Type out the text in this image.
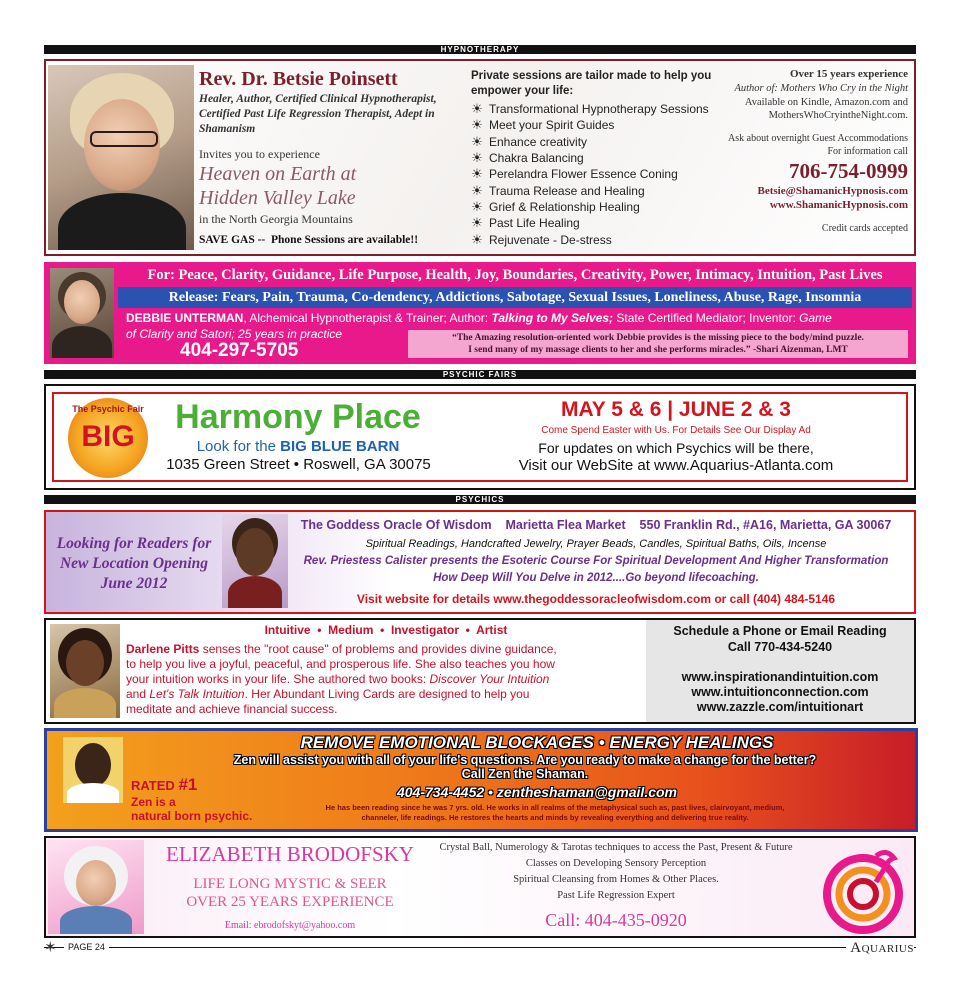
HYPNOTHERAPY
Rev. Dr. Betsie Poinsett
Healer, Author, Certified Clinical Hypnotherapist, Certified Past Life Regression Therapist, Adept in Shamanism
Invites you to experience
Heaven on Earth at
Hidden Valley Lake
in the North Georgia Mountains
SAVE GAS --  Phone Sessions are available!!
Private sessions are tailor made to help you
empower your life:
☀ Transformational Hypnotherapy Sessions
☀ Meet your Spirit Guides
☀ Enhance creativity
☀ Chakra Balancing
☀ Perelandra Flower Essence Coning
☀ Trauma Release and Healing
☀ Grief & Relationship Healing
☀ Past Life Healing
☀ Rejuvenate - De-stress
Over 15 years experience
Author of: Mothers Who Cry in the Night
Available on Kindle, Amazon.com and
MothersWhoCryintheNight.com.
Ask about overnight Guest Accommodations
For information call
706-754-0999
Betsie@ShamanicHypnosis.com
www.ShamanicHypnosis.com
Credit cards accepted
For: Peace, Clarity, Guidance, Life Purpose, Health, Joy, Boundaries, Creativity, Power, Intimacy, Intuition, Past Lives
Release: Fears, Pain, Trauma, Co-dendency, Addictions, Sabotage, Sexual Issues, Loneliness, Abuse, Rage, Insomnia
DEBBIE UNTERMAN, Alchemical Hypnotherapist & Trainer; Author: Talking to My Selves; State Certified Mediator; Inventor: Game
of Clarity and Satori; 25 years in practice
404-297-5705
“The Amazing resolution-oriented work Debbie provides is the missing piece to the body/mind puzzle.
I send many of my massage clients to her and she performs miracles.” -Shari Aizenman, LMT
PSYCHIC FAIRS
The Psychic Fair
BIG
Harmony Place
Look for the BIG BLUE BARN
1035 Green Street • Roswell, GA 30075
MAY 5 & 6 | JUNE 2 & 3
Come Spend Easter with Us. For Details See Our Display Ad
For updates on which Psychics will be there,
Visit our WebSite at www.Aquarius-Atlanta.com
PSYCHICS
Looking for Readers for
New Location Opening
June 2012
The Goddess Oracle Of Wisdom    Marietta Flea Market    550 Franklin Rd., #A16, Marietta, GA 30067
Spiritual Readings, Handcrafted Jewelry, Prayer Beads, Candles, Spiritual Baths, Oils, Incense
Rev. Priestess Calister presents the Esoteric Course For Spiritual Development And Higher Transformation
How Deep Will You Delve in 2012....Go beyond lifecoaching.
Visit website for details www.thegoddessoracleofwisdom.com or call (404) 484-5146
Intuitive  •  Medium  •  Investigator  •  Artist
Darlene Pitts senses the "root cause" of problems and provides divine guidance,
to help you live a joyful, peaceful, and prosperous life. She also teaches you how
your intuition works in your life. She authored two books: Discover Your Intuition
and Let's Talk Intuition. Her Abundant Living Cards are designed to help you
meditate and achieve financial success.
Schedule a Phone or Email Reading
Call 770-434-5240
www.inspirationandintuition.com
www.intuitionconnection.com
www.zazzle.com/intuitionart
RATED #1
Zen is a
natural born psychic.
REMOVE EMOTIONAL BLOCKAGES • ENERGY HEALINGS
Zen will assist you with all of your life's questions. Are you ready to make a change for the better?
Call Zen the Shaman.
404-734-4452 • zentheshaman@gmail.com
He has been reading since he was 7 yrs. old. He works in all realms of the metaphysical such as, past lives, clairvoyant, medium,
channeler, life readings. He restores the hearts and minds by revealing everything and delivering true reality.
ELIZABETH BRODOFSKY
LIFE LONG MYSTIC & SEER
OVER 25 YEARS EXPERIENCE
Email: ebrodofskyt@yahoo.com
Crystal Ball, Numerology & Tarotas techniques to access the Past, Present & Future
Classes on Developing Sensory Perception
Spiritual Cleansing from Homes & Other Places.
Past Life Regression Expert
Call: 404-435-0920
✶	PAGE 24	AQUARIUS
